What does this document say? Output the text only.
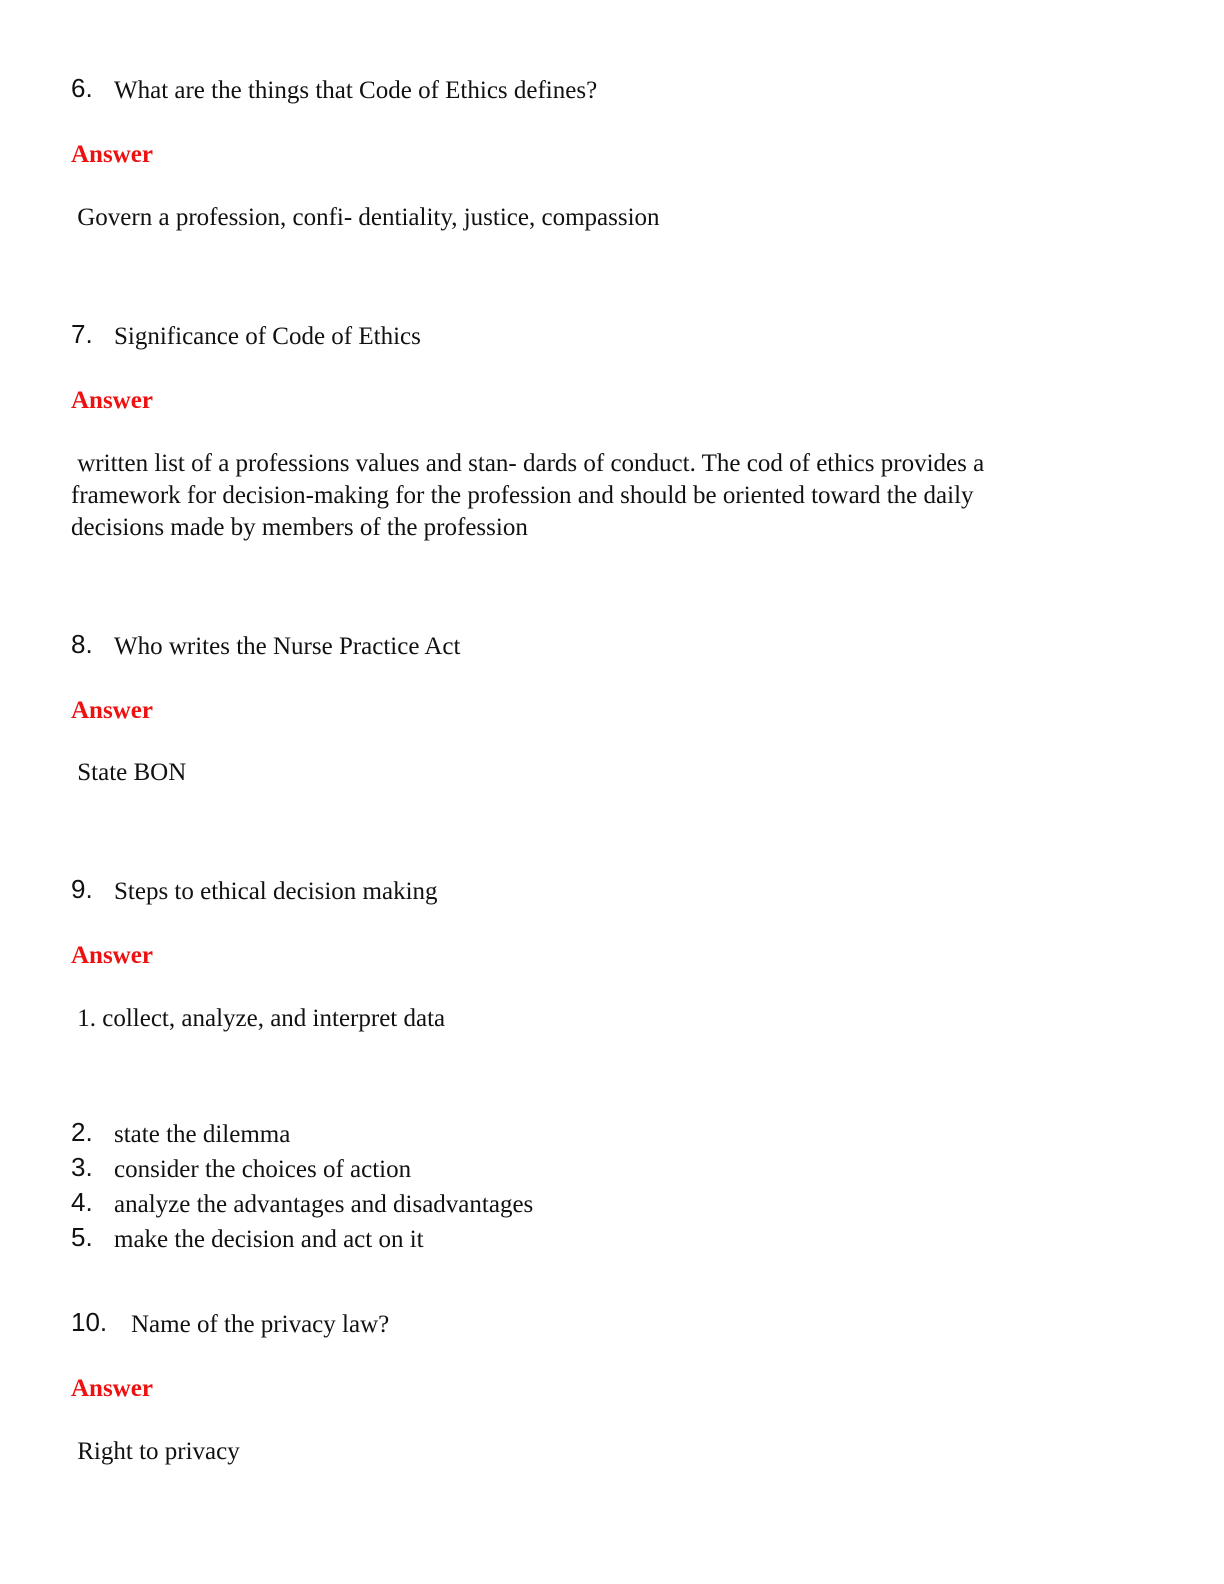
6. What are the things that Code of Ethics defines?
Answer
Govern a profession, confi- dentiality, justice, compassion
7. Significance of Code of Ethics
Answer
written list of a professions values and stan- dards of conduct. The cod of ethics provides a
framework for decision-making for the profession and should be oriented toward the daily
decisions made by members of the profession
8. Who writes the Nurse Practice Act
Answer
State BON
9. Steps to ethical decision making
Answer
1. collect, analyze, and interpret data
2. state the dilemma
3. consider the choices of action
4. analyze the advantages and disadvantages
5. make the decision and act on it
10. Name of the privacy law?
Answer
Right to privacy
